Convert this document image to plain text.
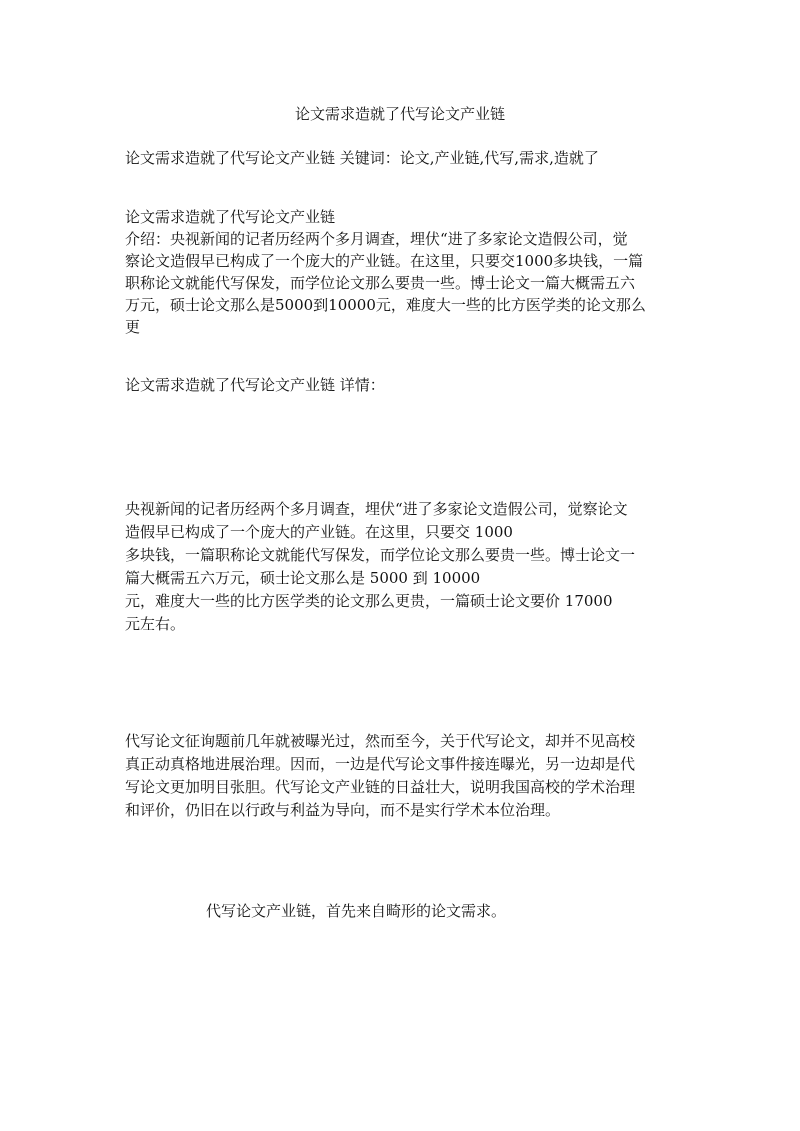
论文需求造就了代写论文产业链
论文需求造就了代写论文产业链 关键词：论文,产业链,代写,需求,造就了
论文需求造就了代写论文产业链
介绍：央视新闻的记者历经两个多月调查，埋伏“进了多家论文造假公司，觉
察论文造假早已构成了一个庞大的产业链。在这里，只要交1000多块钱，一篇
职称论文就能代写保发，而学位论文那么要贵一些。博士论文一篇大概需五六
万元，硕士论文那么是5000到10000元，难度大一些的比方医学类的论文那么
更
论文需求造就了代写论文产业链 详情：
央视新闻的记者历经两个多月调查，埋伏“进了多家论文造假公司，觉察论文
造假早已构成了一个庞大的产业链。在这里，只要交 1000
多块钱，一篇职称论文就能代写保发，而学位论文那么要贵一些。博士论文一
篇大概需五六万元，硕士论文那么是 5000 到 10000
元，难度大一些的比方医学类的论文那么更贵，一篇硕士论文要价 17000
元左右。
代写论文征询题前几年就被曝光过，然而至今，关于代写论文，却并不见高校
真正动真格地进展治理。因而，一边是代写论文事件接连曝光，另一边却是代
写论文更加明目张胆。代写论文产业链的日益壮大，说明我国高校的学术治理
和评价，仍旧在以行政与利益为导向，而不是实行学术本位治理。
代写论文产业链，首先来自畸形的论文需求。
